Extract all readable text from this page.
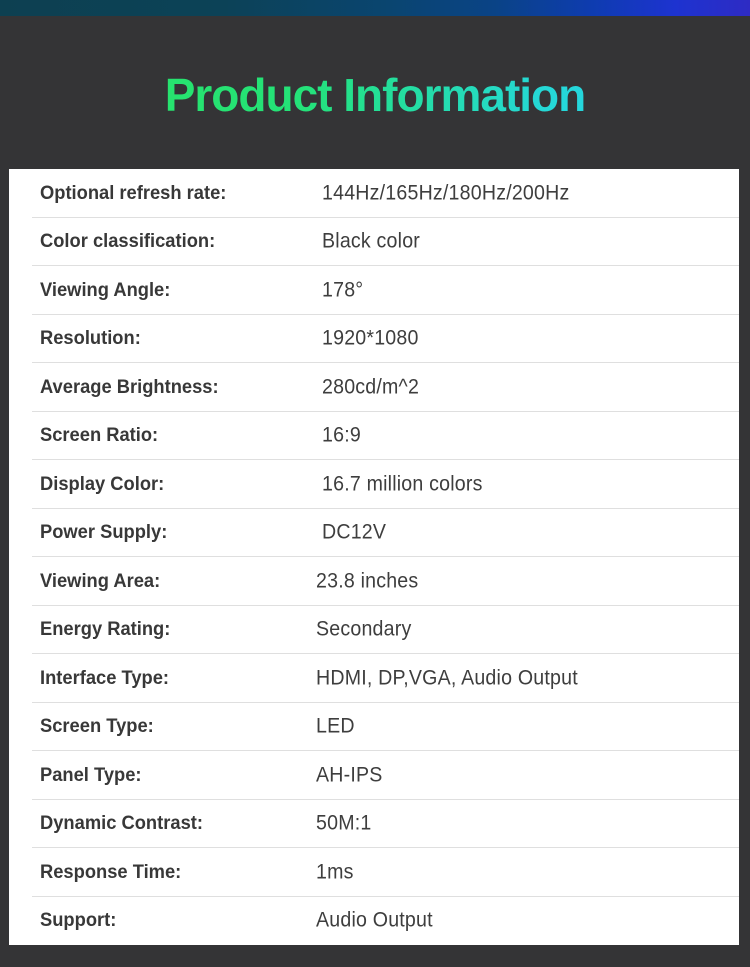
Product Information
Optional refresh rate:	144Hz/165Hz/180Hz/200Hz
Color classification:	Black color
Viewing Angle:	178°
Resolution:	1920*1080
Average Brightness:	280cd/m^2
Screen Ratio:	16:9
Display Color:	16.7 million colors
Power Supply:	DC12V
Viewing Area:	23.8 inches
Energy Rating:	Secondary
Interface Type:	HDMI, DP,VGA, Audio Output
Screen Type:	LED
Panel Type:	AH-IPS
Dynamic Contrast:	50M:1
Response Time:	1ms
Support:	Audio Output
